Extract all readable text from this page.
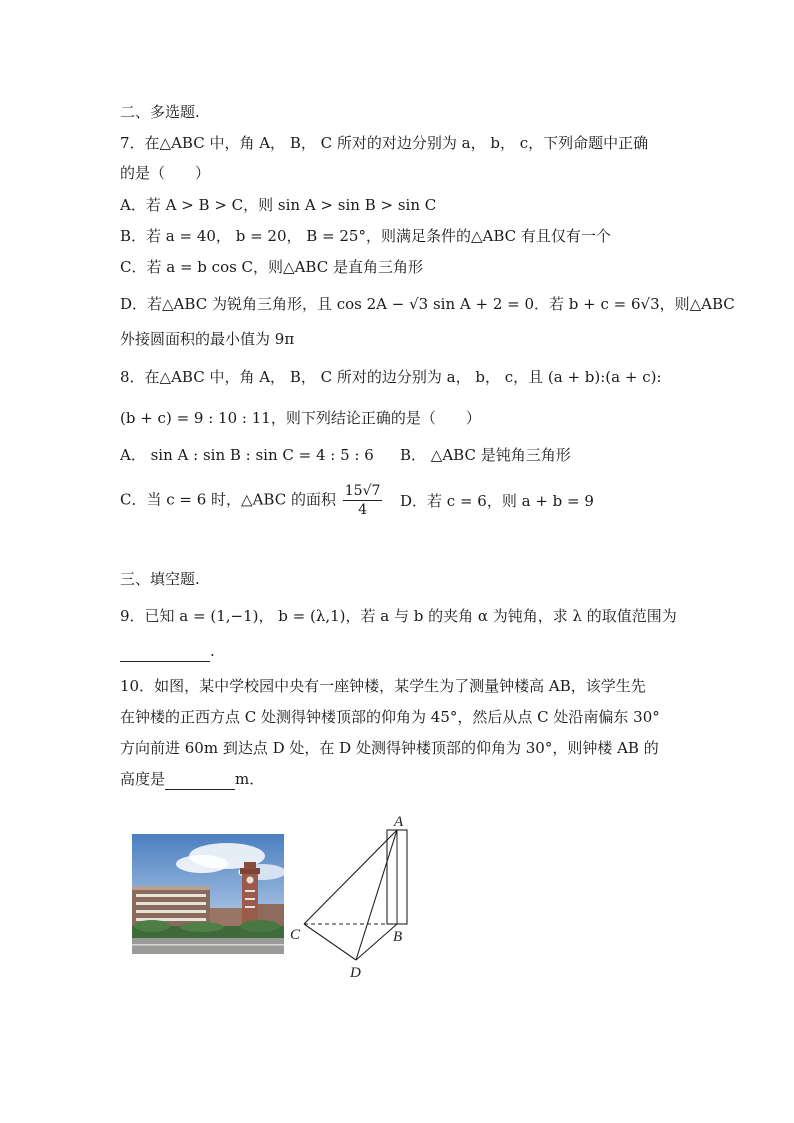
二、多选题.
7．在△ABC 中，角 A， B， C 所对的对边分别为 a， b， c，下列命题中正确
的是（　　）
A．若 A > B > C，则 sin A > sin B > sin C
B．若 a = 40， b = 20， B = 25°，则满足条件的△ABC 有且仅有一个
C．若 a = b cos C，则△ABC 是直角三角形
D．若△ABC 为锐角三角形，且 cos 2A − √3 sin A + 2 = 0．若 b + c = 6√3，则△ABC
外接圆面积的最小值为 9π
8．在△ABC 中，角 A， B， C 所对的边分别为 a， b， c，且 (a + b):(a + c):
(b + c) = 9 : 10 : 11，则下列结论正确的是（　　）
A． sin A : sin B : sin C = 4 : 5 : 6 B． △ABC 是钝角三角形
C．当 c = 6 时，△ABC 的面积 $\frac{15√7}{4}$ D．若 c = 6，则 a + b = 9
三、填空题.
9．已知 a = (1,−1)， b = (λ,1)，若 a 与 b 的夹角 α 为钝角，求 λ 的取值范围为
.
10．如图，某中学校园中央有一座钟楼，某学生为了测量钟楼高 AB，该学生先
在钟楼的正西方点 C 处测得钟楼顶部的仰角为 45°，然后从点 C 处沿南偏东 30°
方向前进 60m 到达点 D 处，在 D 处测得钟楼顶部的仰角为 30°，则钟楼 AB 的
高度是	m．
A
B
C
D
